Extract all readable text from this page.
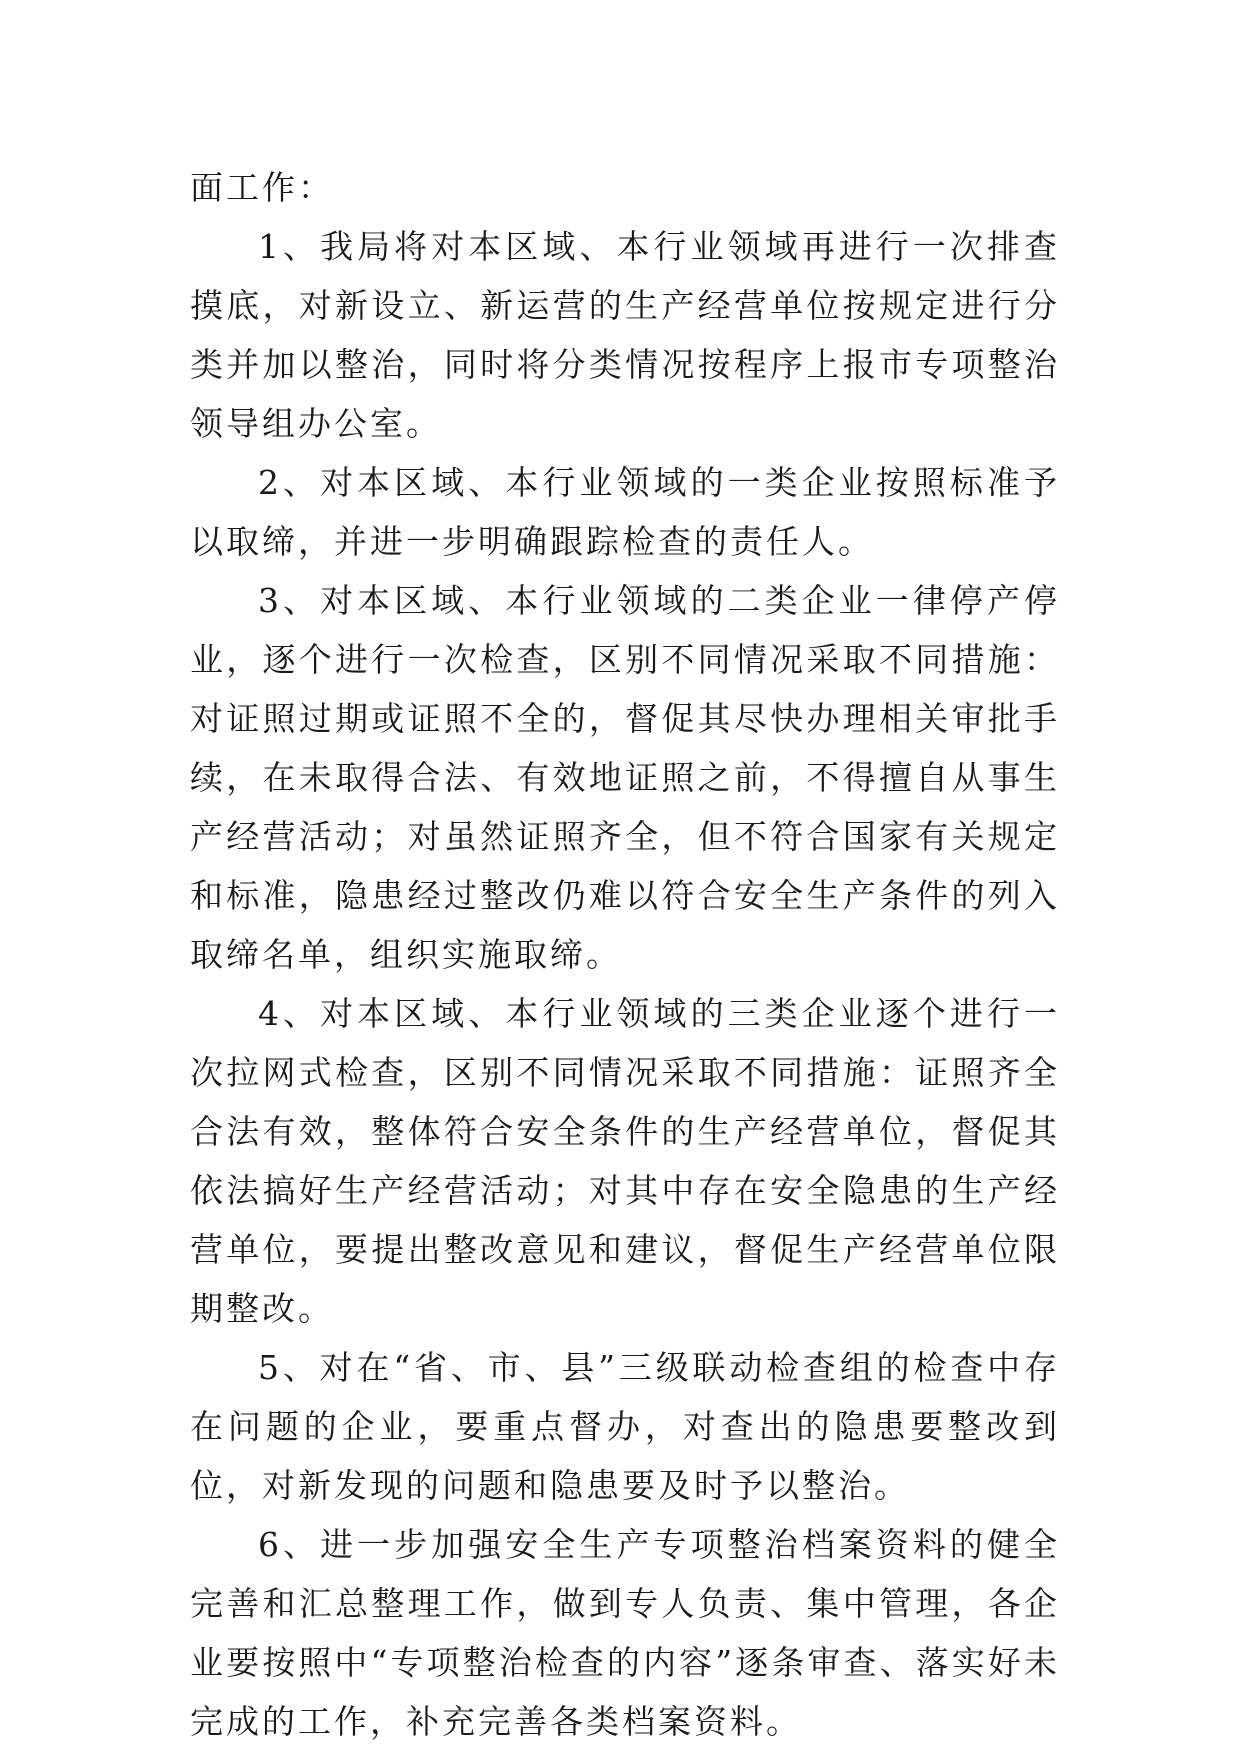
面工作：

1、我局将对本区域、本行业领域再进行一次排查摸底，对新设立、新运营的生产经营单位按规定进行分类并加以整治，同时将分类情况按程序上报市专项整治领导组办公室。

2、对本区域、本行业领域的一类企业按照标准予以取缔，并进一步明确跟踪检查的责任人。

3、对本区域、本行业领域的二类企业一律停产停业，逐个进行一次检查，区别不同情况采取不同措施：对证照过期或证照不全的，督促其尽快办理相关审批手续，在未取得合法、有效地证照之前，不得擅自从事生产经营活动；对虽然证照齐全，但不符合国家有关规定和标准，隐患经过整改仍难以符合安全生产条件的列入取缔名单，组织实施取缔。

4、对本区域、本行业领域的三类企业逐个进行一次拉网式检查，区别不同情况采取不同措施：证照齐全合法有效，整体符合安全条件的生产经营单位，督促其依法搞好生产经营活动；对其中存在安全隐患的生产经营单位，要提出整改意见和建议，督促生产经营单位限期整改。

5、对在“省、市、县”三级联动检查组的检查中存在问题的企业，要重点督办，对查出的隐患要整改到位，对新发现的问题和隐患要及时予以整治。

6、进一步加强安全生产专项整治档案资料的健全完善和汇总整理工作，做到专人负责、集中管理，各企业要按照中“专项整治检查的内容”逐条审查、落实好未完成的工作，补充完善各类档案资料。
